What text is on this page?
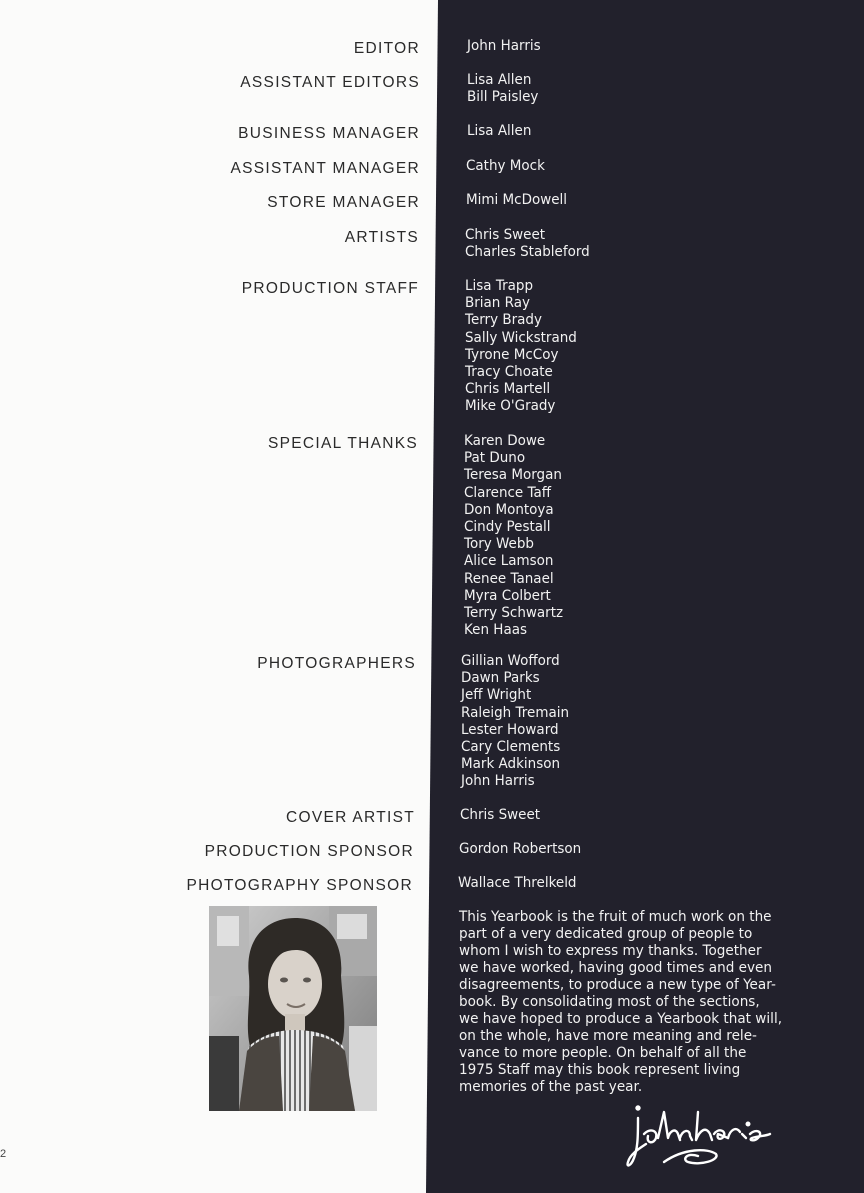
EDITOR	John Harris
ASSISTANT EDITORS	Lisa Allen
Bill Paisley
BUSINESS MANAGER	Lisa Allen
ASSISTANT MANAGER	Cathy Mock
STORE MANAGER	Mimi McDowell
ARTISTS	Chris Sweet
Charles Stableford
PRODUCTION STAFF	Lisa Trapp
Brian Ray
Terry Brady
Sally Wickstrand
Tyrone McCoy
Tracy Choate
Chris Martell
Mike O'Grady
SPECIAL THANKS	Karen Dowe
Pat Duno
Teresa Morgan
Clarence Taff
Don Montoya
Cindy Pestall
Tory Webb
Alice Lamson
Renee Tanael
Myra Colbert
Terry Schwartz
Ken Haas
PHOTOGRAPHERS	Gillian Wofford
Dawn Parks
Jeff Wright
Raleigh Tremain
Lester Howard
Cary Clements
Mark Adkinson
John Harris
COVER ARTIST	Chris Sweet
PRODUCTION SPONSOR	Gordon Robertson
PHOTOGRAPHY SPONSOR	Wallace Threlkeld
This Yearbook is the fruit of much work on the
part of a very dedicated group of people to
whom I wish to express my thanks. Together
we have worked, having good times and even
disagreements, to produce a new type of Year-
book. By consolidating most of the sections,
we have hoped to produce a Yearbook that will,
on the whole, have more meaning and rele-
vance to more people. On behalf of all the
1975 Staff may this book represent living
memories of the past year.
2
